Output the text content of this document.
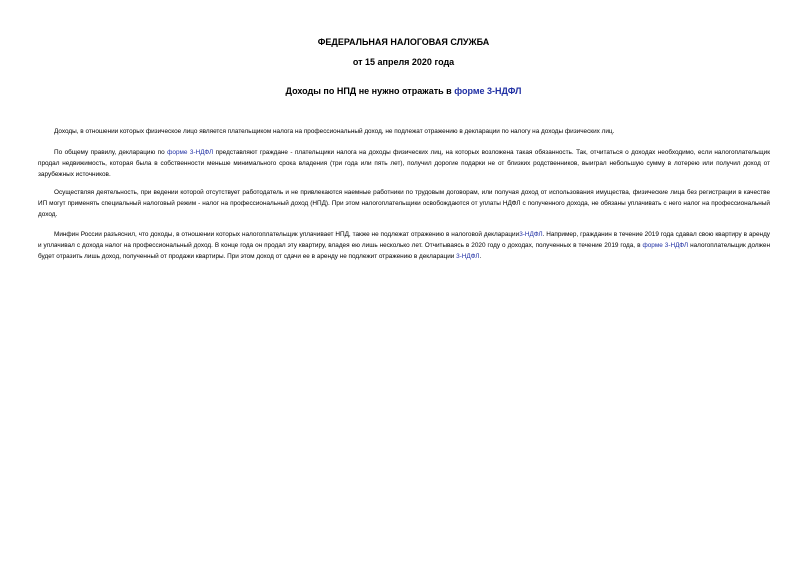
ФЕДЕРАЛЬНАЯ НАЛОГОВАЯ СЛУЖБА
от 15 апреля 2020 года
Доходы по НПД не нужно отражать в форме 3-НДФЛ

Доходы, в отношении которых физическое лицо является плательщиком налога на профессиональный доход, не подлежат отражению в декларации по налогу на доходы физических лиц.

По общему правилу, декларацию по форме 3-НДФЛ представляют граждане - плательщики налога на доходы физических лиц, на которых возложена такая обязанность. Так, отчитаться о доходах необходимо, если налогоплательщик продал недвижимость, которая была в собственности меньше минимального срока владения (три года или пять лет), получил дорогие подарки не от близких родственников, выиграл небольшую сумму в лотерею или получил доход от зарубежных источников.

Осуществляя деятельность, при ведении которой отсутствует работодатель и не привлекаются наемные работники по трудовым договорам, или получая доход от использования имущества, физические лица без регистрации в качестве ИП могут применять специальный налоговый режим - налог на профессиональный доход (НПД). При этом налогоплательщики освобождаются от уплаты НДФЛ с полученного дохода, не обязаны уплачивать с него налог на профессиональный доход.

Минфин России разъяснил, что доходы, в отношении которых налогоплательщик уплачивает НПД, также не подлежат отражению в налоговой декларации3-НДФЛ. Например, гражданин в течение 2019 года сдавал свою квартиру в аренду и уплачивал с дохода налог на профессиональный доход. В конце года он продал эту квартиру, владея ею лишь несколько лет. Отчитываясь в 2020 году о доходах, полученных в течение 2019 года, в форме 3-НДФЛ налогоплательщик должен будет отразить лишь доход, полученный от продажи квартиры. При этом доход от сдачи ее в аренду не подлежит отражению в декларации 3-НДФЛ.
